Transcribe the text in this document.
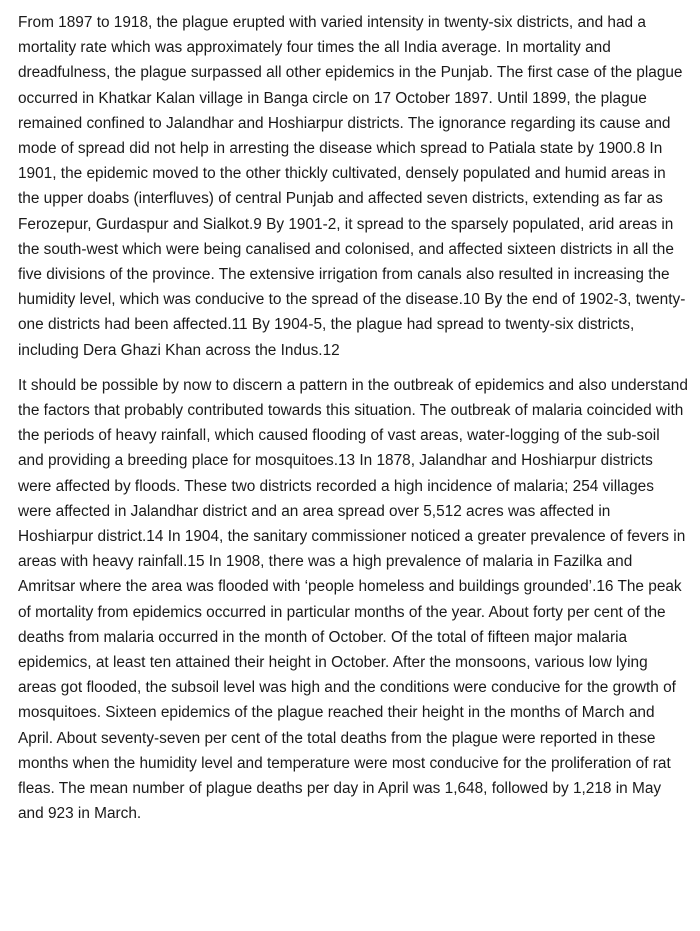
From 1897 to 1918, the plague erupted with varied intensity in twenty-six districts, and had a mortality rate which was approximately four times the all India average. In mortality and dreadfulness, the plague surpassed all other epidemics in the Punjab. The first case of the plague occurred in Khatkar Kalan village in Banga circle on 17 October 1897. Until 1899, the plague remained confined to Jalandhar and Hoshiarpur districts. The ignorance regarding its cause and mode of spread did not help in arresting the disease which spread to Patiala state by 1900.8 In 1901, the epidemic moved to the other thickly cultivated, densely populated and humid areas in the upper doabs (interfluves) of central Punjab and affected seven districts, extending as far as Ferozepur, Gurdaspur and Sialkot.9 By 1901-2, it spread to the sparsely populated, arid areas in the south-west which were being canalised and colonised, and affected sixteen districts in all the five divisions of the province. The extensive irrigation from canals also resulted in increasing the humidity level, which was conducive to the spread of the disease.10 By the end of 1902-3, twenty-one districts had been affected.11 By 1904-5, the plague had spread to twenty-six districts, including Dera Ghazi Khan across the Indus.12

It should be possible by now to discern a pattern in the outbreak of epidemics and also understand the factors that probably contributed towards this situation. The outbreak of malaria coincided with the periods of heavy rainfall, which caused flooding of vast areas, water-logging of the sub-soil and providing a breeding place for mosquitoes.13 In 1878, Jalandhar and Hoshiarpur districts were affected by floods. These two districts recorded a high incidence of malaria; 254 villages were affected in Jalandhar district and an area spread over 5,512 acres was affected in Hoshiarpur district.14 In 1904, the sanitary commissioner noticed a greater prevalence of fevers in areas with heavy rainfall.15 In 1908, there was a high prevalence of malaria in Fazilka and Amritsar where the area was flooded with ‘people homeless and buildings grounded’.16 The peak of mortality from epidemics occurred in particular months of the year. About forty per cent of the deaths from malaria occurred in the month of October. Of the total of fifteen major malaria epidemics, at least ten attained their height in October. After the monsoons, various low lying areas got flooded, the subsoil level was high and the conditions were conducive for the growth of mosquitoes. Sixteen epidemics of the plague reached their height in the months of March and April. About seventy-seven per cent of the total deaths from the plague were reported in these months when the humidity level and temperature were most conducive for the proliferation of rat fleas. The mean number of plague deaths per day in April was 1,648, followed by 1,218 in May and 923 in March.
